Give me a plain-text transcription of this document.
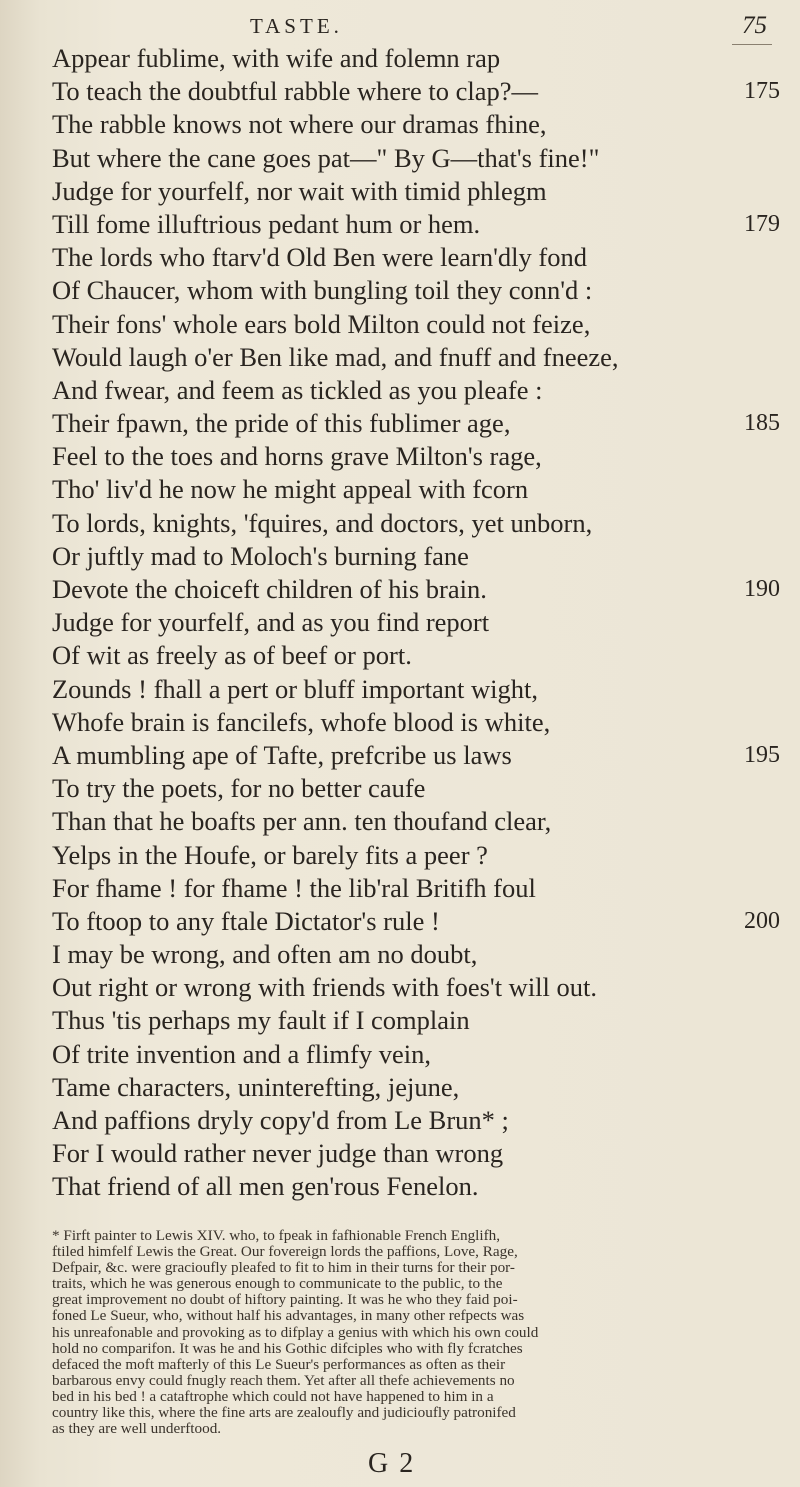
TASTE.	75
Appear fublime, with wife and folemn rap
To teach the doubtful rabble where to clap?—	175
The rabble knows not where our dramas fhine,
But where the cane goes pat—" By G—that's fine!"
Judge for yourfelf, nor wait with timid phlegm
Till fome illuftrious pedant hum or hem.	179
The lords who ftarv'd Old Ben were learn'dly fond
Of Chaucer, whom with bungling toil they conn'd :
Their fons' whole ears bold Milton could not feize,
Would laugh o'er Ben like mad, and fnuff and fneeze,
And fwear, and feem as tickled as you pleafe :
Their fpawn, the pride of this fublimer age,	185
Feel to the toes and horns grave Milton's rage,
Tho' liv'd he now he might appeal with fcorn
To lords, knights, 'fquires, and doctors, yet unborn,
Or juftly mad to Moloch's burning fane
Devote the choiceft children of his brain.	190
Judge for yourfelf, and as you find report
Of wit as freely as of beef or port.
Zounds ! fhall a pert or bluff important wight,
Whofe brain is fancilefs, whofe blood is white,
A mumbling ape of Tafte, prefcribe us laws	195
To try the poets, for no better caufe
Than that he boafts per ann. ten thoufand clear,
Yelps in the Houfe, or barely fits a peer ?
For fhame ! for fhame ! the lib'ral Britifh foul
To ftoop to any ftale Dictator's rule !	200
I may be wrong, and often am no doubt,
Out right or wrong with friends with foes't will out.
Thus 'tis perhaps my fault if I complain
Of trite invention and a flimfy vein,
Tame characters, uninterefting, jejune,
And paffions dryly copy'd from Le Brun* ;
For I would rather never judge than wrong
That friend of all men gen'rous Fenelon.
* Firft painter to Lewis XIV. who, to fpeak in fafhionable French Englifh,
ftiled himfelf Lewis the Great. Our fovereign lords the paffions, Love, Rage,
Defpair, &c. were gracioufly pleafed to fit to him in their turns for their por-
traits, which he was generous enough to communicate to the public, to the
great improvement no doubt of hiftory painting. It was he who they faid poi-
foned Le Sueur, who, without half his advantages, in many other refpects was
his unreafonable and provoking as to difplay a genius with which his own could
hold no comparifon. It was he and his Gothic difciples who with fly fcratches
defaced the moft mafterly of this Le Sueur's performances as often as their
barbarous envy could fnugly reach them. Yet after all thefe achievements no
bed in his bed ! a cataftrophe which could not have happened to him in a
country like this, where the fine arts are zealoufly and judicioufly patronifed
as they are well underftood.
G 2
